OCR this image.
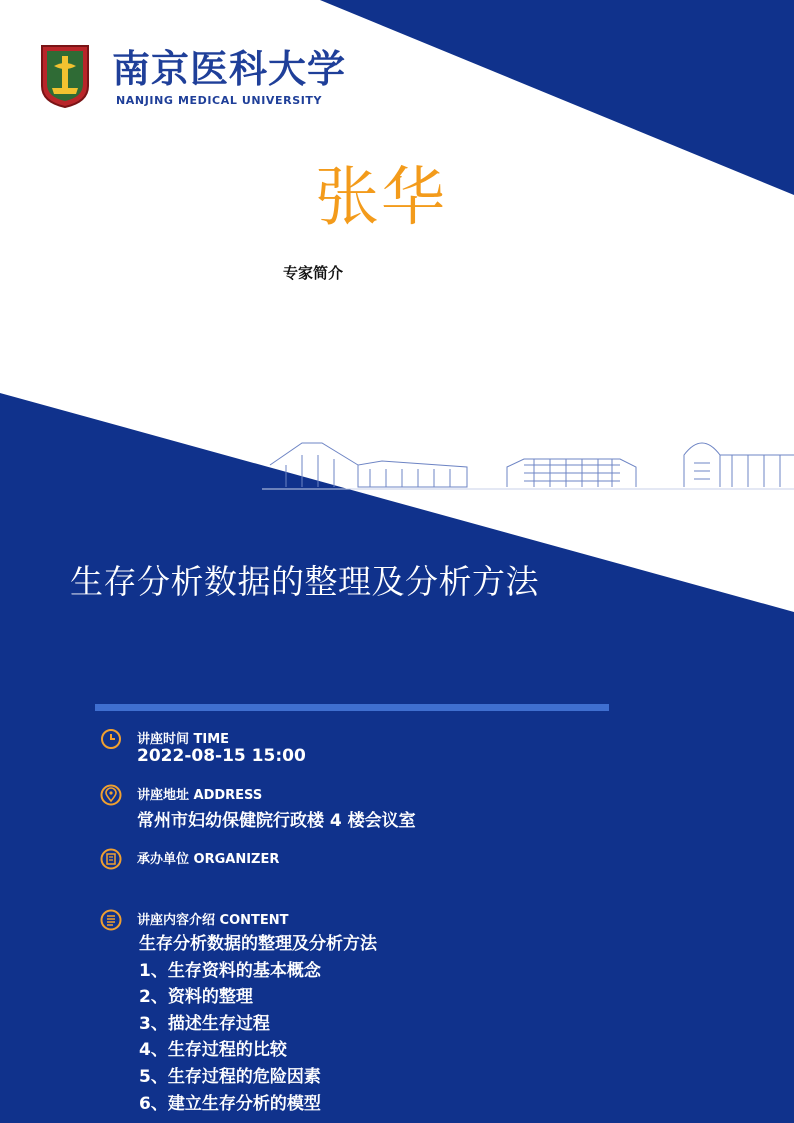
南京医科大学
NANJING MEDICAL UNIVERSITY
张华
专家简介
生存分析数据的整理及分析方法
讲座时间 TIME
2022-08-15 15:00
讲座地址 ADDRESS
常州市妇幼保健院行政楼 4 楼会议室
承办单位 ORGANIZER
讲座内容介绍 CONTENT
生存分析数据的整理及分析方法
1、生存资料的基本概念
2、资料的整理
3、描述生存过程
4、生存过程的比较
5、生存过程的危险因素
6、建立生存分析的模型
